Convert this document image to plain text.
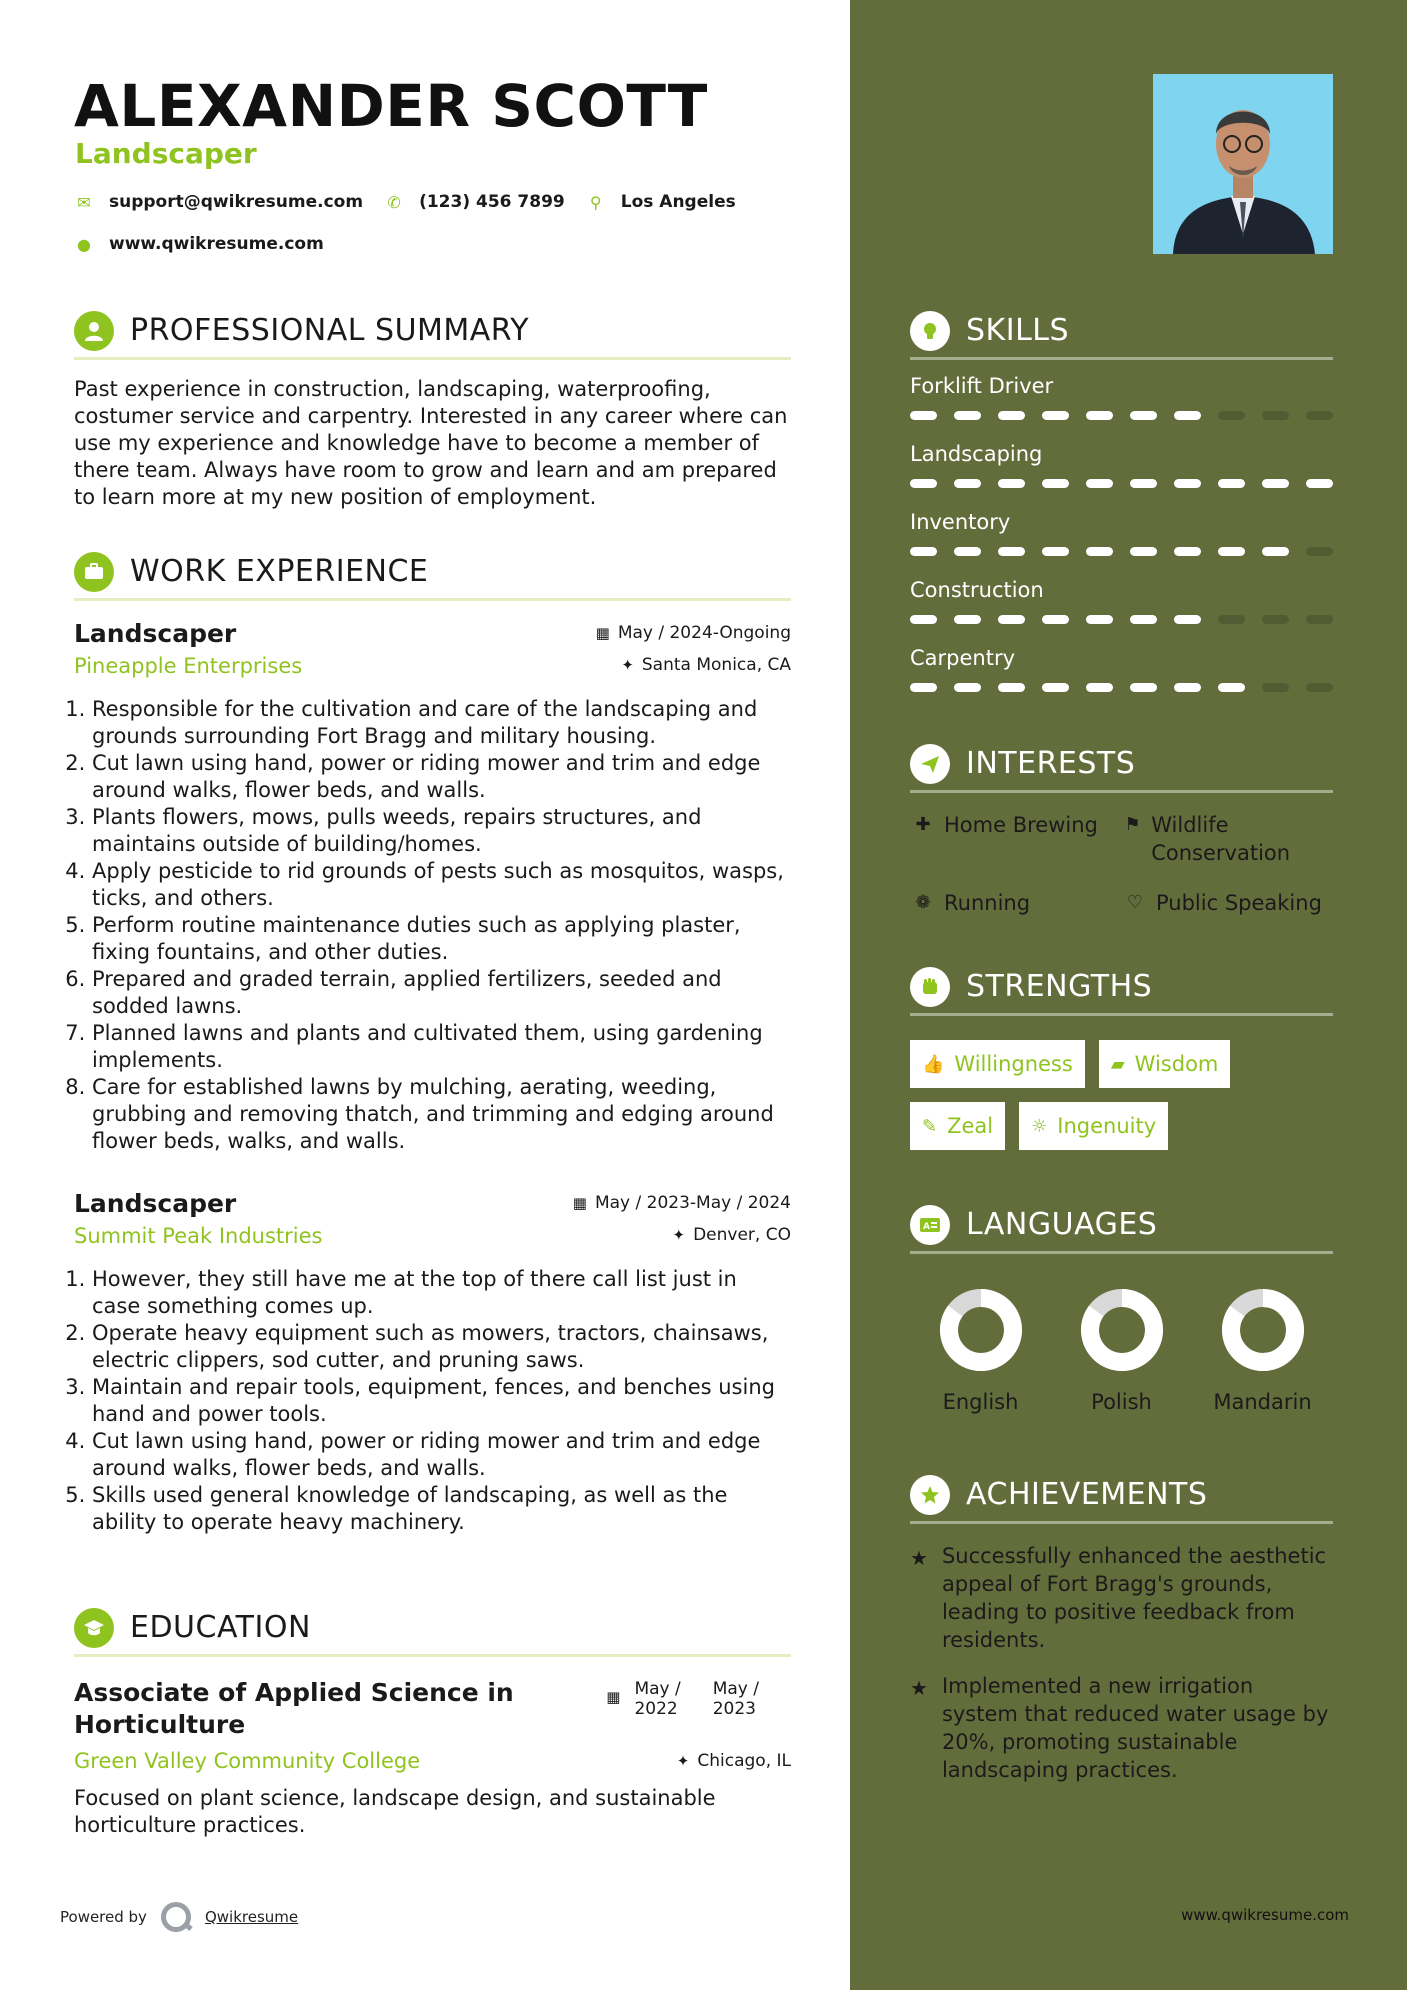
ALEXANDER SCOTT
Landscaper
✉ support@qwikresume.com ✆ (123) 456 7899 ⚲ Los Angeles
● www.qwikresume.com
PROFESSIONAL SUMMARY

Past experience in construction, landscaping, waterproofing, costumer service and carpentry. Interested in any career where can use my experience and knowledge have to become a member of there team. Always have room to grow and learn and am prepared to learn more at my new position of employment.

WORK EXPERIENCE
Landscaper
Pineapple Enterprises
▦ May / 2024-Ongoing
✦ Santa Monica, CA
1. Responsible for the cultivation and care of the landscaping and grounds surrounding Fort Bragg and military housing.
2. Cut lawn using hand, power or riding mower and trim and edge around walks, flower beds, and walls.
3. Plants flowers, mows, pulls weeds, repairs structures, and maintains outside of building/homes.
4. Apply pesticide to rid grounds of pests such as mosquitos, wasps, ticks, and others.
5. Perform routine maintenance duties such as applying plaster, fixing fountains, and other duties.
6. Prepared and graded terrain, applied fertilizers, seeded and sodded lawns.
7. Planned lawns and plants and cultivated them, using gardening implements.
8. Care for established lawns by mulching, aerating, weeding, grubbing and removing thatch, and trimming and edging around flower beds, walks, and walls.
Landscaper
Summit Peak Industries
▦ May / 2023-May / 2024
✦ Denver, CO
1. However, they still have me at the top of there call list just in case something comes up.
2. Operate heavy equipment such as mowers, tractors, chainsaws, electric clippers, sod cutter, and pruning saws.
3. Maintain and repair tools, equipment, fences, and benches using hand and power tools.
4. Cut lawn using hand, power or riding mower and trim and edge around walks, flower beds, and walls.
5. Skills used general knowledge of landscaping, as well as the ability to operate heavy machinery.
EDUCATION
Associate of Applied Science in Horticulture
▦ May /
2022
May /
2023
Green Valley Community College	✦ Chicago, IL

Focused on plant science, landscape design, and sustainable horticulture practices.

Powered by	Qwikresume
SKILLS
Forklift Driver
Landscaping
Inventory
Construction
Carpentry
INTERESTS
✚ Home Brewing ⚑ Wildlife Conservation
❁ Running	♡ Public Speaking
STRENGTHS
👍 Willingness ▰ Wisdom
✎ Zeal ☼ Ingenuity
A LANGUAGES
English	Polish	Mandarin
ACHIEVEMENTS
★ Successfully enhanced the aesthetic appeal of Fort Bragg's grounds, leading to positive feedback from residents.
★ Implemented a new irrigation system that reduced water usage by 20%, promoting sustainable landscaping practices.
www.qwikresume.com
